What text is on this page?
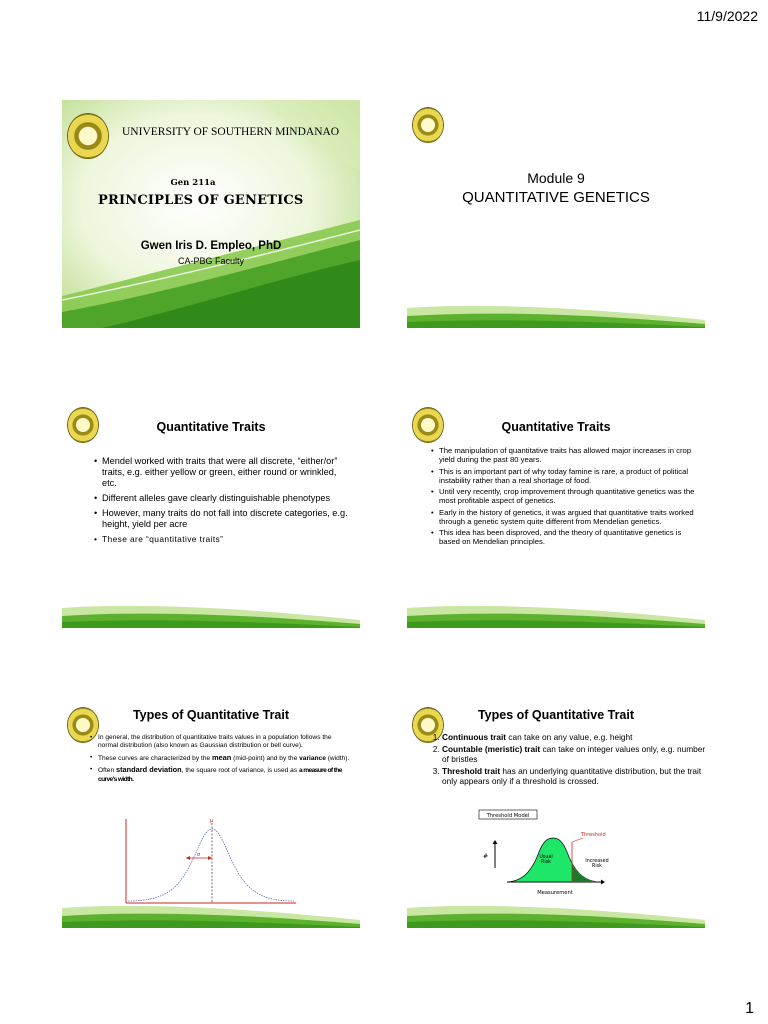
11/9/2022
UNIVERSITY OF SOUTHERN MINDANAO
Gen 211a
PRINCIPLES OF GENETICS
Gwen Iris D. Empleo, PhD
CA-PBG Faculty
Module 9
QUANTITATIVE GENETICS
Quantitative Traits
• Mendel worked with traits that were all discrete, “either/or” traits, e.g. either yellow or green, either round or wrinkled, etc.
• Different alleles gave clearly distinguishable phenotypes
• However, many traits do not fall into discrete categories, e.g. height, yield per acre
• These are “quantitative traits”
Quantitative Traits
• The manipulation of quantitative traits has allowed major increases in crop yield during the past 80 years.
• This is an important part of why today famine is rare, a product of political instability rather than a real shortage of food.
• Until very recently, crop improvement through quantitative genetics was the most profitable aspect of genetics.
• Early in the history of genetics, it was argued that quantitative traits worked through a genetic system quite different from Mendelian genetics.
• This idea has been disproved, and the theory of quantitative genetics is based on Mendelian principles.
Types of Quantitative Trait
• In general, the distribution of quantitative traits values in a population follows the normal distribution (also known as Gaussian distribution or bell curve).
• These curves are characterized by the mean (mid-point) and by the variance (width).
• Often standard deviation, the square root of variance, is used as a measure of the curve’s width.
μ
σ
Types of Quantitative Trait
1. Continuous trait can take on any value, e.g. height
2. Countable (meristic) trait can take on integer values only, e.g. number of bristles
3. Threshold trait has an underlying quantitative distribution, but the trait only appears only if a threshold is crossed.
Threshold Model
#
Measurement
Threshold
Usual
Risk	Increased
Risk
1
